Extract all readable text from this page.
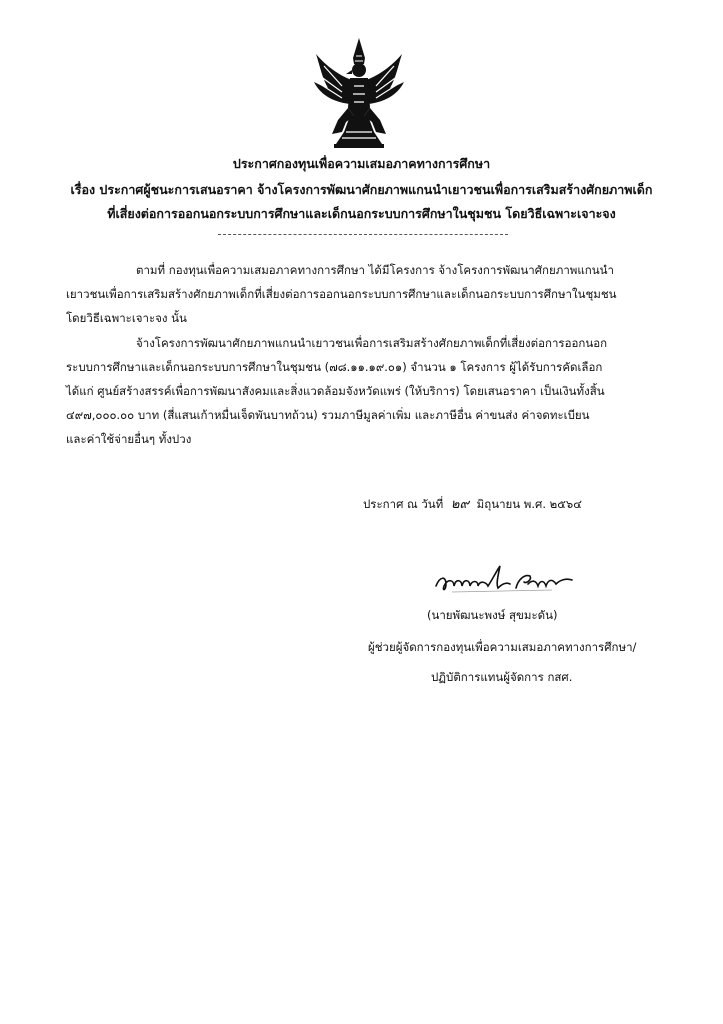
ประกาศกองทุนเพื่อความเสมอภาคทางการศึกษา
เรื่อง ประกาศผู้ชนะการเสนอราคา จ้างโครงการพัฒนาศักยภาพแกนนำเยาวชนเพื่อการเสริมสร้างศักยภาพเด็ก
ที่เสี่ยงต่อการออกนอกระบบการศึกษาและเด็กนอกระบบการศึกษาในชุมชน โดยวิธีเฉพาะเจาะจง
ตามที่ กองทุนเพื่อความเสมอภาคทางการศึกษา ได้มีโครงการ จ้างโครงการพัฒนาศักยภาพแกนนำ
เยาวชนเพื่อการเสริมสร้างศักยภาพเด็กที่เสี่ยงต่อการออกนอกระบบการศึกษาและเด็กนอกระบบการศึกษาในชุมชน
โดยวิธีเฉพาะเจาะจง นั้น
จ้างโครงการพัฒนาศักยภาพแกนนำเยาวชนเพื่อการเสริมสร้างศักยภาพเด็กที่เสี่ยงต่อการออกนอก
ระบบการศึกษาและเด็กนอกระบบการศึกษาในชุมชน (๗๘.๑๑.๑๙.๐๑) จำนวน ๑ โครงการ ผู้ได้รับการคัดเลือก
ได้แก่ ศูนย์สร้างสรรค์เพื่อการพัฒนาสังคมและสิ่งแวดล้อมจังหวัดแพร่ (ให้บริการ) โดยเสนอราคา เป็นเงินทั้งสิ้น
๔๙๗,๐๐๐.๐๐ บาท (สี่แสนเก้าหมื่นเจ็ดพันบาทถ้วน) รวมภาษีมูลค่าเพิ่ม และภาษีอื่น ค่าขนส่ง ค่าจดทะเบียน
และค่าใช้จ่ายอื่นๆ ทั้งปวง
ประกาศ ณ วันที่ ๒๙ มิถุนายน พ.ศ. ๒๕๖๔
(นายพัฒนะพงษ์ สุขมะดัน)
ผู้ช่วยผู้จัดการกองทุนเพื่อความเสมอภาคทางการศึกษา/
ปฏิบัติการแทนผู้จัดการ กสศ.
